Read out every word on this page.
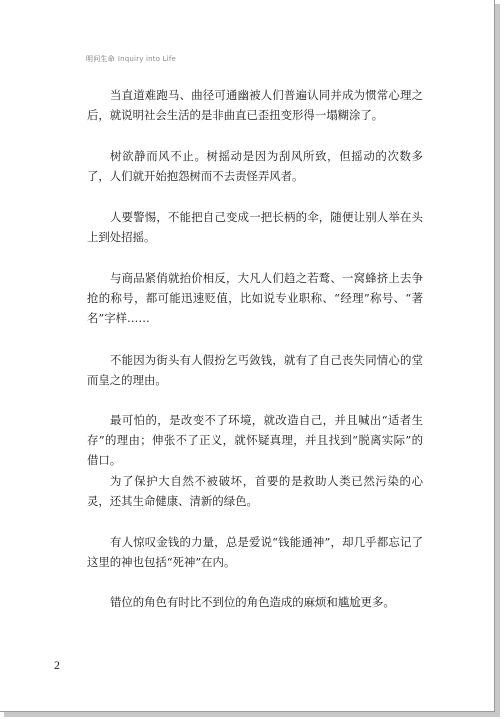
明问生命 Inquiry into Life

当直道难跑马、曲径可通幽被人们普遍认同并成为惯常心理之后，就说明社会生活的是非曲直已歪扭变形得一塌糊涂了。

树欲静而风不止。树摇动是因为刮风所致，但摇动的次数多了，人们就开始抱怨树而不去责怪弄风者。

人要警惕，不能把自己变成一把长柄的伞，随便让别人举在头上到处招摇。

与商品紧俏就抬价相反，大凡人们趋之若鹜、一窝蜂挤上去争抢的称号，都可能迅速贬值，比如说专业职称、“经理”称号、“著名”字样……

不能因为街头有人假扮乞丐敛钱，就有了自己丧失同情心的堂而皇之的理由。

最可怕的，是改变不了环境，就改造自己，并且喊出“适者生存”的理由；伸张不了正义，就怀疑真理，并且找到“脱离实际”的借口。

为了保护大自然不被破坏，首要的是救助人类已然污染的心灵，还其生命健康、清新的绿色。

有人惊叹金钱的力量，总是爱说“钱能通神”，却几乎都忘记了这里的神也包括“死神”在内。

错位的角色有时比不到位的角色造成的麻烦和尴尬更多。

2
